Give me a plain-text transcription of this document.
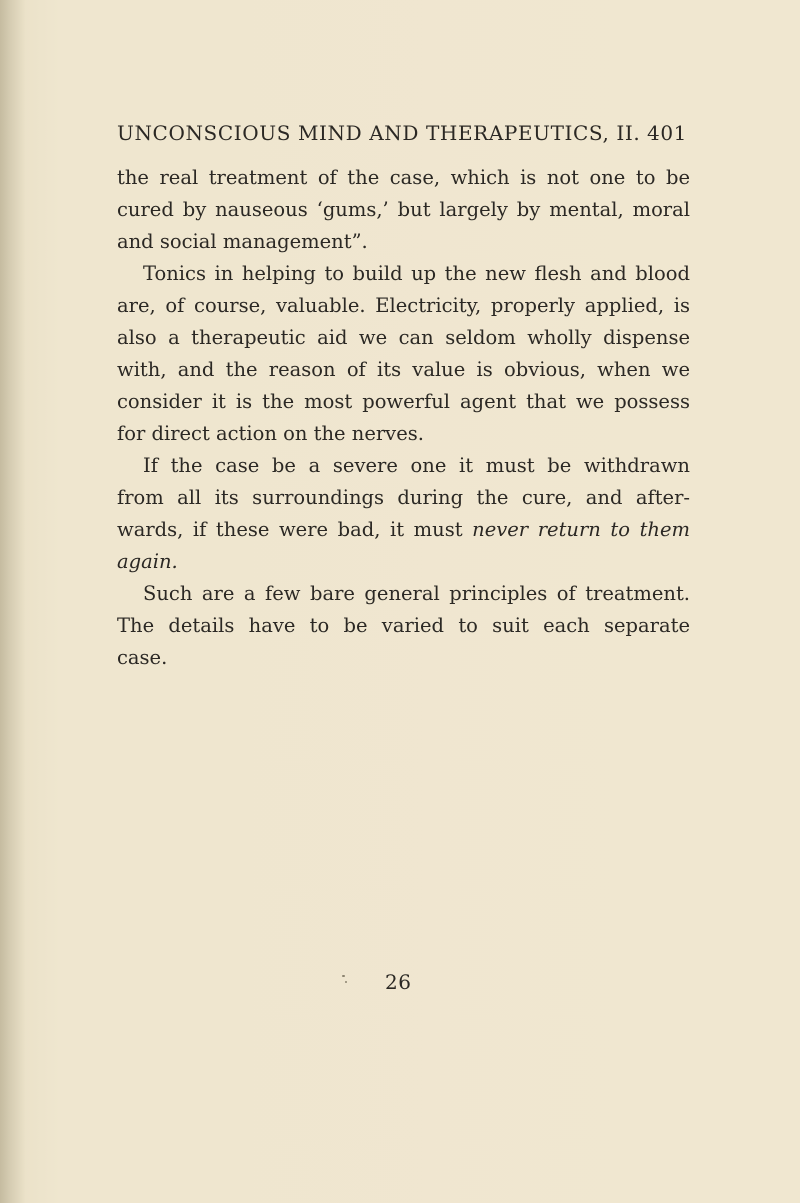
UNCONSCIOUS MIND AND THERAPEUTICS, II. 401
the real treatment of the case, which is not one to be
cured by nauseous ‘gums,’ but largely by mental, moral
and social management”.
Tonics in helping to build up the new flesh and blood
are, of course, valuable. Electricity, properly applied, is
also a therapeutic aid we can seldom wholly dispense
with, and the reason of its value is obvious, when we
consider it is the most powerful agent that we possess
for direct action on the nerves.
If the case be a severe one it must be withdrawn
from all its surroundings during the cure, and after-
wards, if these were bad, it must never return to them
again.
Such are a few bare general principles of treatment.
The details have to be varied to suit each separate
case.
26
